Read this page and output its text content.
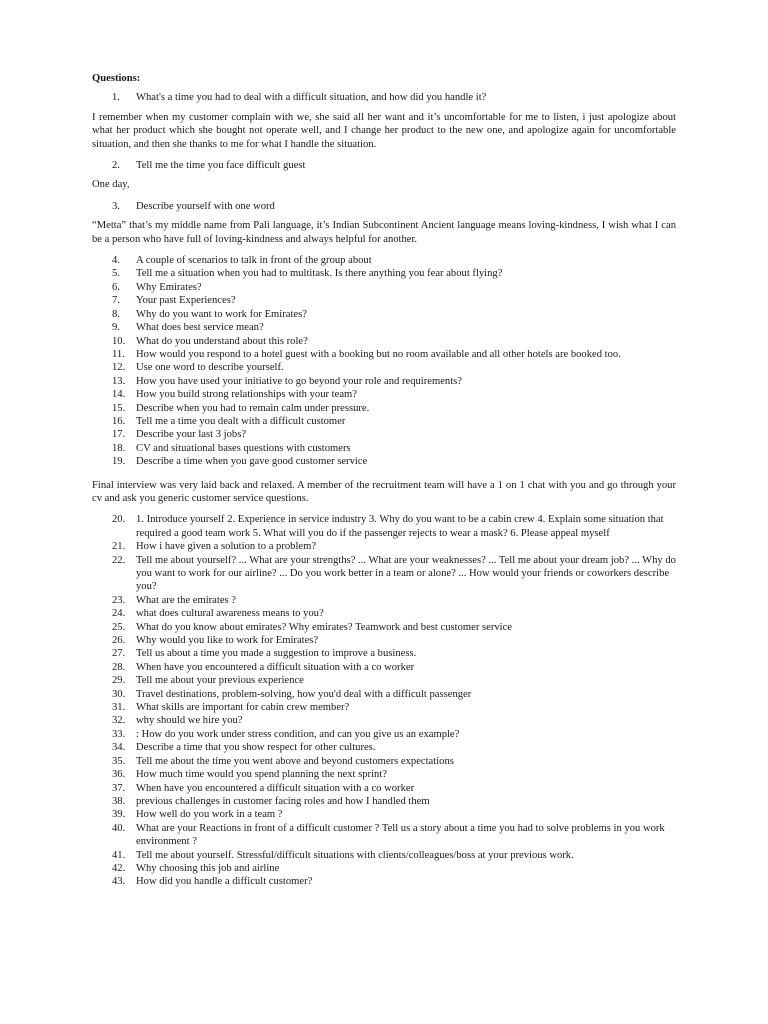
Questions:
1.	What's a time you had to deal with a difficult situation, and how did you handle it?
I remember when my customer complain with we, she said all her want and it’s uncomfortable for me to listen, i just apologize about what her product which she bought not operate well, and I change her product to the new one, and apologize again for uncomfortable situation, and then she thanks to me for what I handle the situation.
2.	Tell me the time you face difficult guest
One day,
3.	Describe yourself with one word
“Metta” that’s my middle name from Pali language, it’s Indian Subcontinent Ancient language means loving-kindness, I wish what I can be a person who have full of loving-kindness and always helpful for another.
4.	A couple of scenarios to talk in front of the group about
5.	Tell me a situation when you had to multitask. Is there anything you fear about flying?
6.	Why Emirates?
7.	Your past Experiences?
8.	Why do you want to work for Emirates?
9.	What does best service mean?
10.	What do you understand about this role?
11.	How would you respond to a hotel guest with a booking but no room available and all other hotels are booked too.
12.	Use one word to describe yourself.
13.	How you have used your initiative to go beyond your role and requirements?
14.	How you build strong relationships with your team?
15.	Describe when you had to remain calm under pressure.
16.	Tell me a time you dealt with a difficult customer
17.	Describe your last 3 jobs?
18.	CV and situational bases questions with customers
19.	Describe a time when you gave good customer service
Final interview was very laid back and relaxed. A member of the recruitment team will have a 1 on 1 chat with you and go through your cv and ask you generic customer service questions.
20.	1. Introduce yourself 2. Experience in service industry 3. Why do you want to be a cabin crew 4. Explain some situation that required a good team work 5. What will you do if the passenger rejects to wear a mask? 6. Please appeal myself
21.	How i have given a solution to a problem?
22.	Tell me about yourself? ... What are your strengths? ... What are your weaknesses? ... Tell me about your dream job? ... Why do you want to work for our airline? ... Do you work better in a team or alone? ... How would your friends or coworkers describe you?
23.	What are the emirates ?
24.	what does cultural awareness means to you?
25.	What do you know about emirates? Why emirates? Teamwork and best customer service
26.	Why would you like to work for Emirates?
27.	Tell us about a time you made a suggestion to improve a business.
28.	When have you encountered a difficult situation with a co worker
29.	Tell me about your previous experience
30.	Travel destinations, problem-solving, how you'd deal with a difficult passenger
31.	What skills are important for cabin crew member?
32.	why should we hire you?
33.	: How do you work under stress condition, and can you give us an example?
34.	Describe a time that you show respect for other cultures.
35.	Tell me about the time you went above and beyond customers expectations
36.	How much time would you spend planning the next sprint?
37.	When have you encountered a difficult situation with a co worker
38.	previous challenges in customer facing roles and how I handled them
39.	How well do you work in a team ?
40.	What are your Reactions in front of a difficult customer ? Tell us a story about a time you had to solve problems in you work environment ?
41.	Tell me about yourself. Stressful/difficult situations with clients/colleagues/boss at your previous work.
42.	Why choosing this job and airline
43.	How did you handle a difficult customer?
